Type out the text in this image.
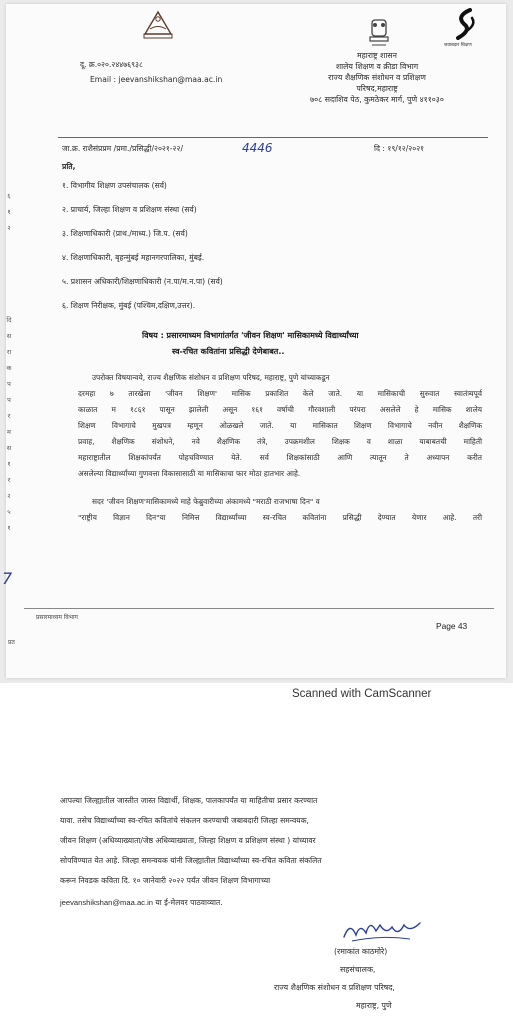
दू. क्र.०२०.२४४७६९३८
Email : jeevanshikshan@maa.ac.in
जवाबदार शिक्षण
महाराष्ट्र शासन
शालेय शिक्षण व क्रीडा विभाग
राज्य शैक्षणिक संशोधन व प्रशिक्षण
परिषद,महाराष्ट्र
७०८ सदाशिव पेठ, कुमठेकर मार्ग, पुणे ४११०३०
जा.क्र. राशैसंप्रप्रम /प्रमा./प्रसिद्धी/२०२१-२२/	4446	दि : १९/१२/२०२१
प्रति,
१. विभागीय शिक्षण उपसंचालक (सर्व)
२. प्राचार्य, जिल्हा शिक्षण व प्रशिक्षण संस्था (सर्व)
३. शिक्षणाधिकारी (प्राथ./माध्य.) जि.प. (सर्व)
४. शिक्षणाधिकारी, बृहन्मुंबई महानगरपालिका, मुंबई.
५. प्रशासन अधिकारी/शिक्षणाधिकारी (न.पा/म.न.पा) (सर्व)
६. शिक्षण निरीक्षक, मुंबई (पश्चिम,दक्षिण,उत्तर).
६
१
२
दि
स
रा
क
प
प
र
म
स
१
र
२
५
१
7
विषय : प्रसारमाध्यम विभागांतर्गत 'जीवन शिक्षण' मासिकामध्ये विद्यार्थ्यांच्या
स्व-रचित कवितांना प्रसिद्धी देणेबाबत..
उपरोक्त विषयान्वये, राज्य शैक्षणिक संशोधन व प्रशिक्षण परिषद, महाराष्ट्र, पुणे यांच्याकडून
दरमहा ७ तारखेला 'जीवन शिक्षण' मासिक प्रकाशित केले जाते. या मासिकाची सुरुवात स्वातंत्र्यपूर्व
काळात म १८६१ पासून झालेली असून १६१ वर्षाची गौरवशाली परंपरा असलेले हे मासिक शालेय
शिक्षण विभागाचे मुखपत्र म्हणून ओळखले जाते. या मासिकात शिक्षण विभागाचे नवीन शैक्षणिक
प्रवाह, शैक्षणिक संशोधने, नवे शैक्षणिक तंत्रे, उपक्रमशील शिक्षक व शाळा याबाबतची माहिती
महाराष्ट्रातील शिक्षकांपर्यंत पोहचविण्यात येते. सर्व शिक्षकांसाठी आणि त्यातून ते अध्यापन करीत
असलेल्या विद्यार्थ्यांच्या गुणवत्ता विकासासाठी या मासिकाचा फार मोठा हातभार आहे.
सदर 'जीवन शिक्षण'मासिकामध्ये माहे फेब्रुवारीच्या अंकामध्ये "मराठी राजभाषा दिन" व
"राष्ट्रीय विज्ञान दिन"या निमित्त विद्यार्थ्यांच्या स्व-रचित कवितांना प्रसिद्धी देण्यात येणार आहे. तरी
प्रसारमाध्यम विभाग
Page 43
प्रत
Scanned with CamScanner
आपल्या जिल्ह्यातील जास्तीत जास्त विद्यार्थी, शिक्षक, पालकापर्यंत या माहितीचा प्रसार करण्यात
यावा. तसेच विद्यार्थ्यांच्या स्व-रचित कवितांचे संकलन करण्याची जबाबदारी जिल्हा समन्वयक,
जीवन शिक्षण (अधिव्याख्याता/जेष्ठ अधिव्याख्याता, जिल्हा शिक्षण व प्रशिक्षण संस्था ) यांच्यावर
सोपविण्यात येत आहे. जिल्हा समन्वयक यांनी जिल्ह्यातील विद्यार्थ्यांच्या स्व-रचित कविता संकलित
करून निवडक कविता दि. १० जानेवारी २०२२ पर्यंत जीवन शिक्षण विभागाच्या
jeevanshikshan@maa.ac.in या ई-मेलवर पाठवाव्यात.
(रमाकांत काठमोरे)
सहसंचालक,
राज्य शैक्षणिक संशोधन व प्रशिक्षण परिषद,
महाराष्ट्र, पुणे
